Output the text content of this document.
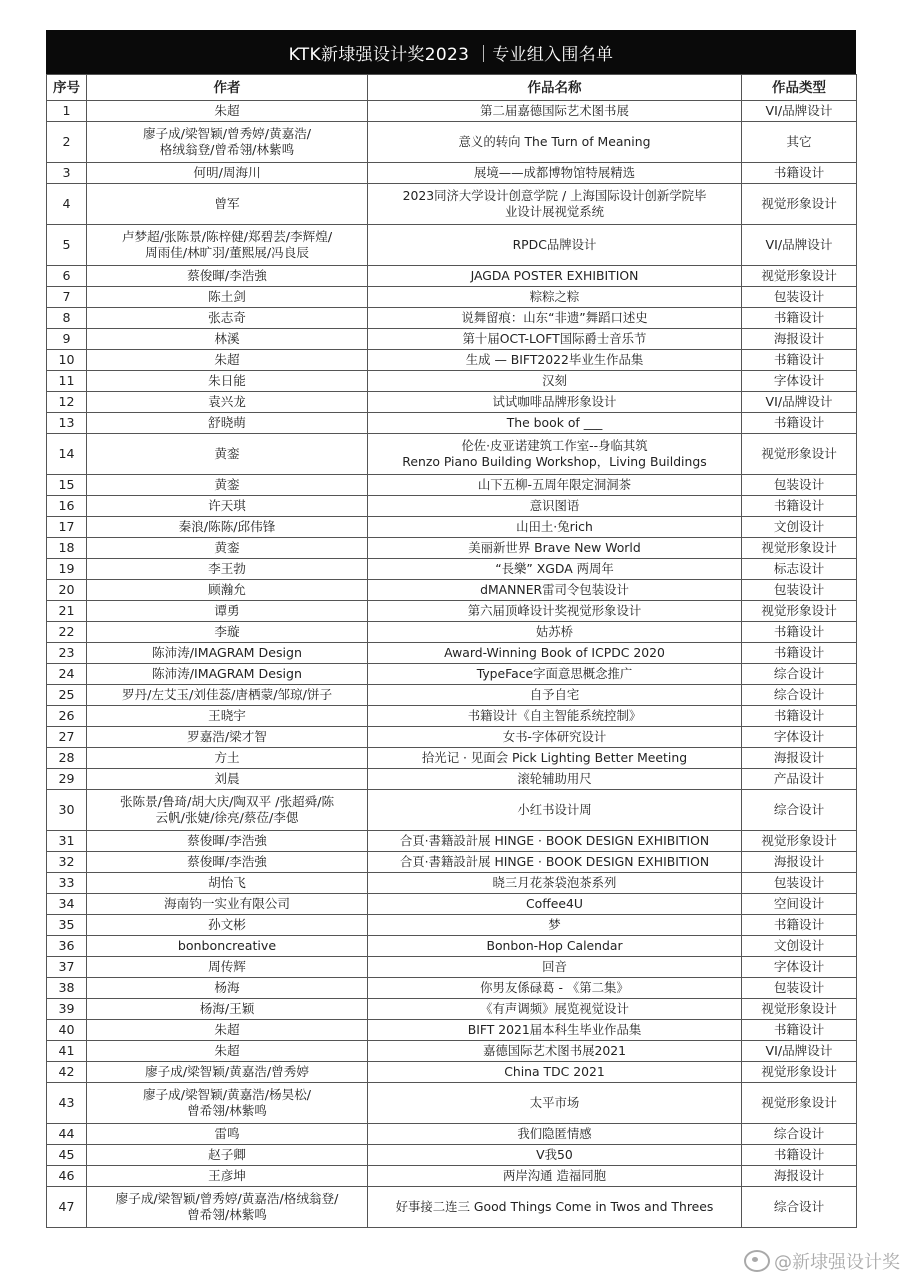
KTK新埭强设计奖2023 ｜专业组入围名单
序号	作者	作品名称	作品类型
1	朱超	第二届嘉德国际艺术图书展	VI/品牌设计
2	廖子成/梁智颖/曾秀婷/黄嘉浩/
格绒翁登/曾希翎/林紫鸣	意义的转向 The Turn of Meaning	其它
3	何明/周海川	展境——成都博物馆特展精选	书籍设计
4	曾军	2023同济大学设计创意学院 / 上海国际设计创新学院毕
业设计展视觉系统	视觉形象设计
5	卢梦超/张陈景/陈梓健/郑碧芸/李辉煌/
周雨佳/林旷羽/董熙展/冯良辰	RPDC品牌设计	VI/品牌设计
6	蔡俊暉/李浩強	JAGDA POSTER EXHIBITION	视觉形象设计
7	陈土剑	粽粽之粽	包装设计
8	张志奇	说舞留痕：山东“非遗”舞蹈口述史	书籍设计
9	林溪	第十届OCT-LOFT国际爵士音乐节	海报设计
10	朱超	生成 — BIFT2022毕业生作品集	书籍设计
11	朱日能	汉刻	字体设计
12	袁兴龙	试试咖啡品牌形象设计	VI/品牌设计
13	舒晓萌	The book of ___	书籍设计
14	黄銮	伦佐·皮亚诺建筑工作室--身临其筑
Renzo Piano Building Workshop，Living Buildings	视觉形象设计
15	黄銮	山下五柳-五周年限定洞洞茶	包装设计
16	许天琪	意识图语	书籍设计
17	秦浪/陈陈/邱伟锋	山田土·兔rich	文创设计
18	黄銮	美丽新世界 Brave New World	视觉形象设计
19	李王勃	“長樂” XGDA 两周年	标志设计
20	顾瀚允	dMANNER雷司令包装设计	包装设计
21	谭勇	第六届顶峰设计奖视觉形象设计	视觉形象设计
22	李璇	姑苏桥	书籍设计
23	陈沛涛/IMAGRAM Design	Award-Winning Book of ICPDC 2020	书籍设计
24	陈沛涛/IMAGRAM Design	TypeFace字面意思概念推广	综合设计
25	罗丹/左艾玉/刘佳蕊/唐栖蒙/邹琼/饼子	自予自宅	综合设计
26	王晓宇	书籍设计《自主智能系统控制》	书籍设计
27	罗嘉浩/梁才智	女书-字体研究设计	字体设计
28	方土	拾光记 · 见面会 Pick Lighting Better Meeting	海报设计
29	刘晨	滚轮辅助用尺	产品设计
30	张陈景/鲁琦/胡大庆/陶双平 /张超舜/陈
云帆/张婕/徐亮/蔡莅/李偲	小红书设计周	综合设计
31	蔡俊暉/李浩強	合頁·書籍設計展 HINGE · BOOK DESIGN EXHIBITION	视觉形象设计
32	蔡俊暉/李浩強	合頁·書籍設計展 HINGE · BOOK DESIGN EXHIBITION	海报设计
33	胡怡飞	晓三月花茶袋泡茶系列	包装设计
34	海南钧一实业有限公司	Coffee4U	空间设计
35	孙文彬	梦	书籍设计
36	bonboncreative	Bonbon-Hop Calendar	文创设计
37	周传辉	回音	字体设计
38	杨海	你男友係碌葛 - 《第二集》	包装设计
39	杨海/王颖	《有声调频》展览视觉设计	视觉形象设计
40	朱超	BIFT 2021届本科生毕业作品集	书籍设计
41	朱超	嘉德国际艺术图书展2021	VI/品牌设计
42	廖子成/梁智颖/黄嘉浩/曾秀婷	China TDC 2021	视觉形象设计
43	廖子成/梁智颖/黄嘉浩/杨昊松/
曾希翎/林紫鸣	太平市场	视觉形象设计
44	雷鸣	我们隐匿情感	综合设计
45	赵子卿	V我50	书籍设计
46	王彦坤	两岸沟通 造福同胞	海报设计
47	廖子成/梁智颖/曾秀婷/黄嘉浩/格绒翁登/
曾希翎/林紫鸣	好事接二连三 Good Things Come in Twos and Threes	综合设计
@新埭强设计奖
